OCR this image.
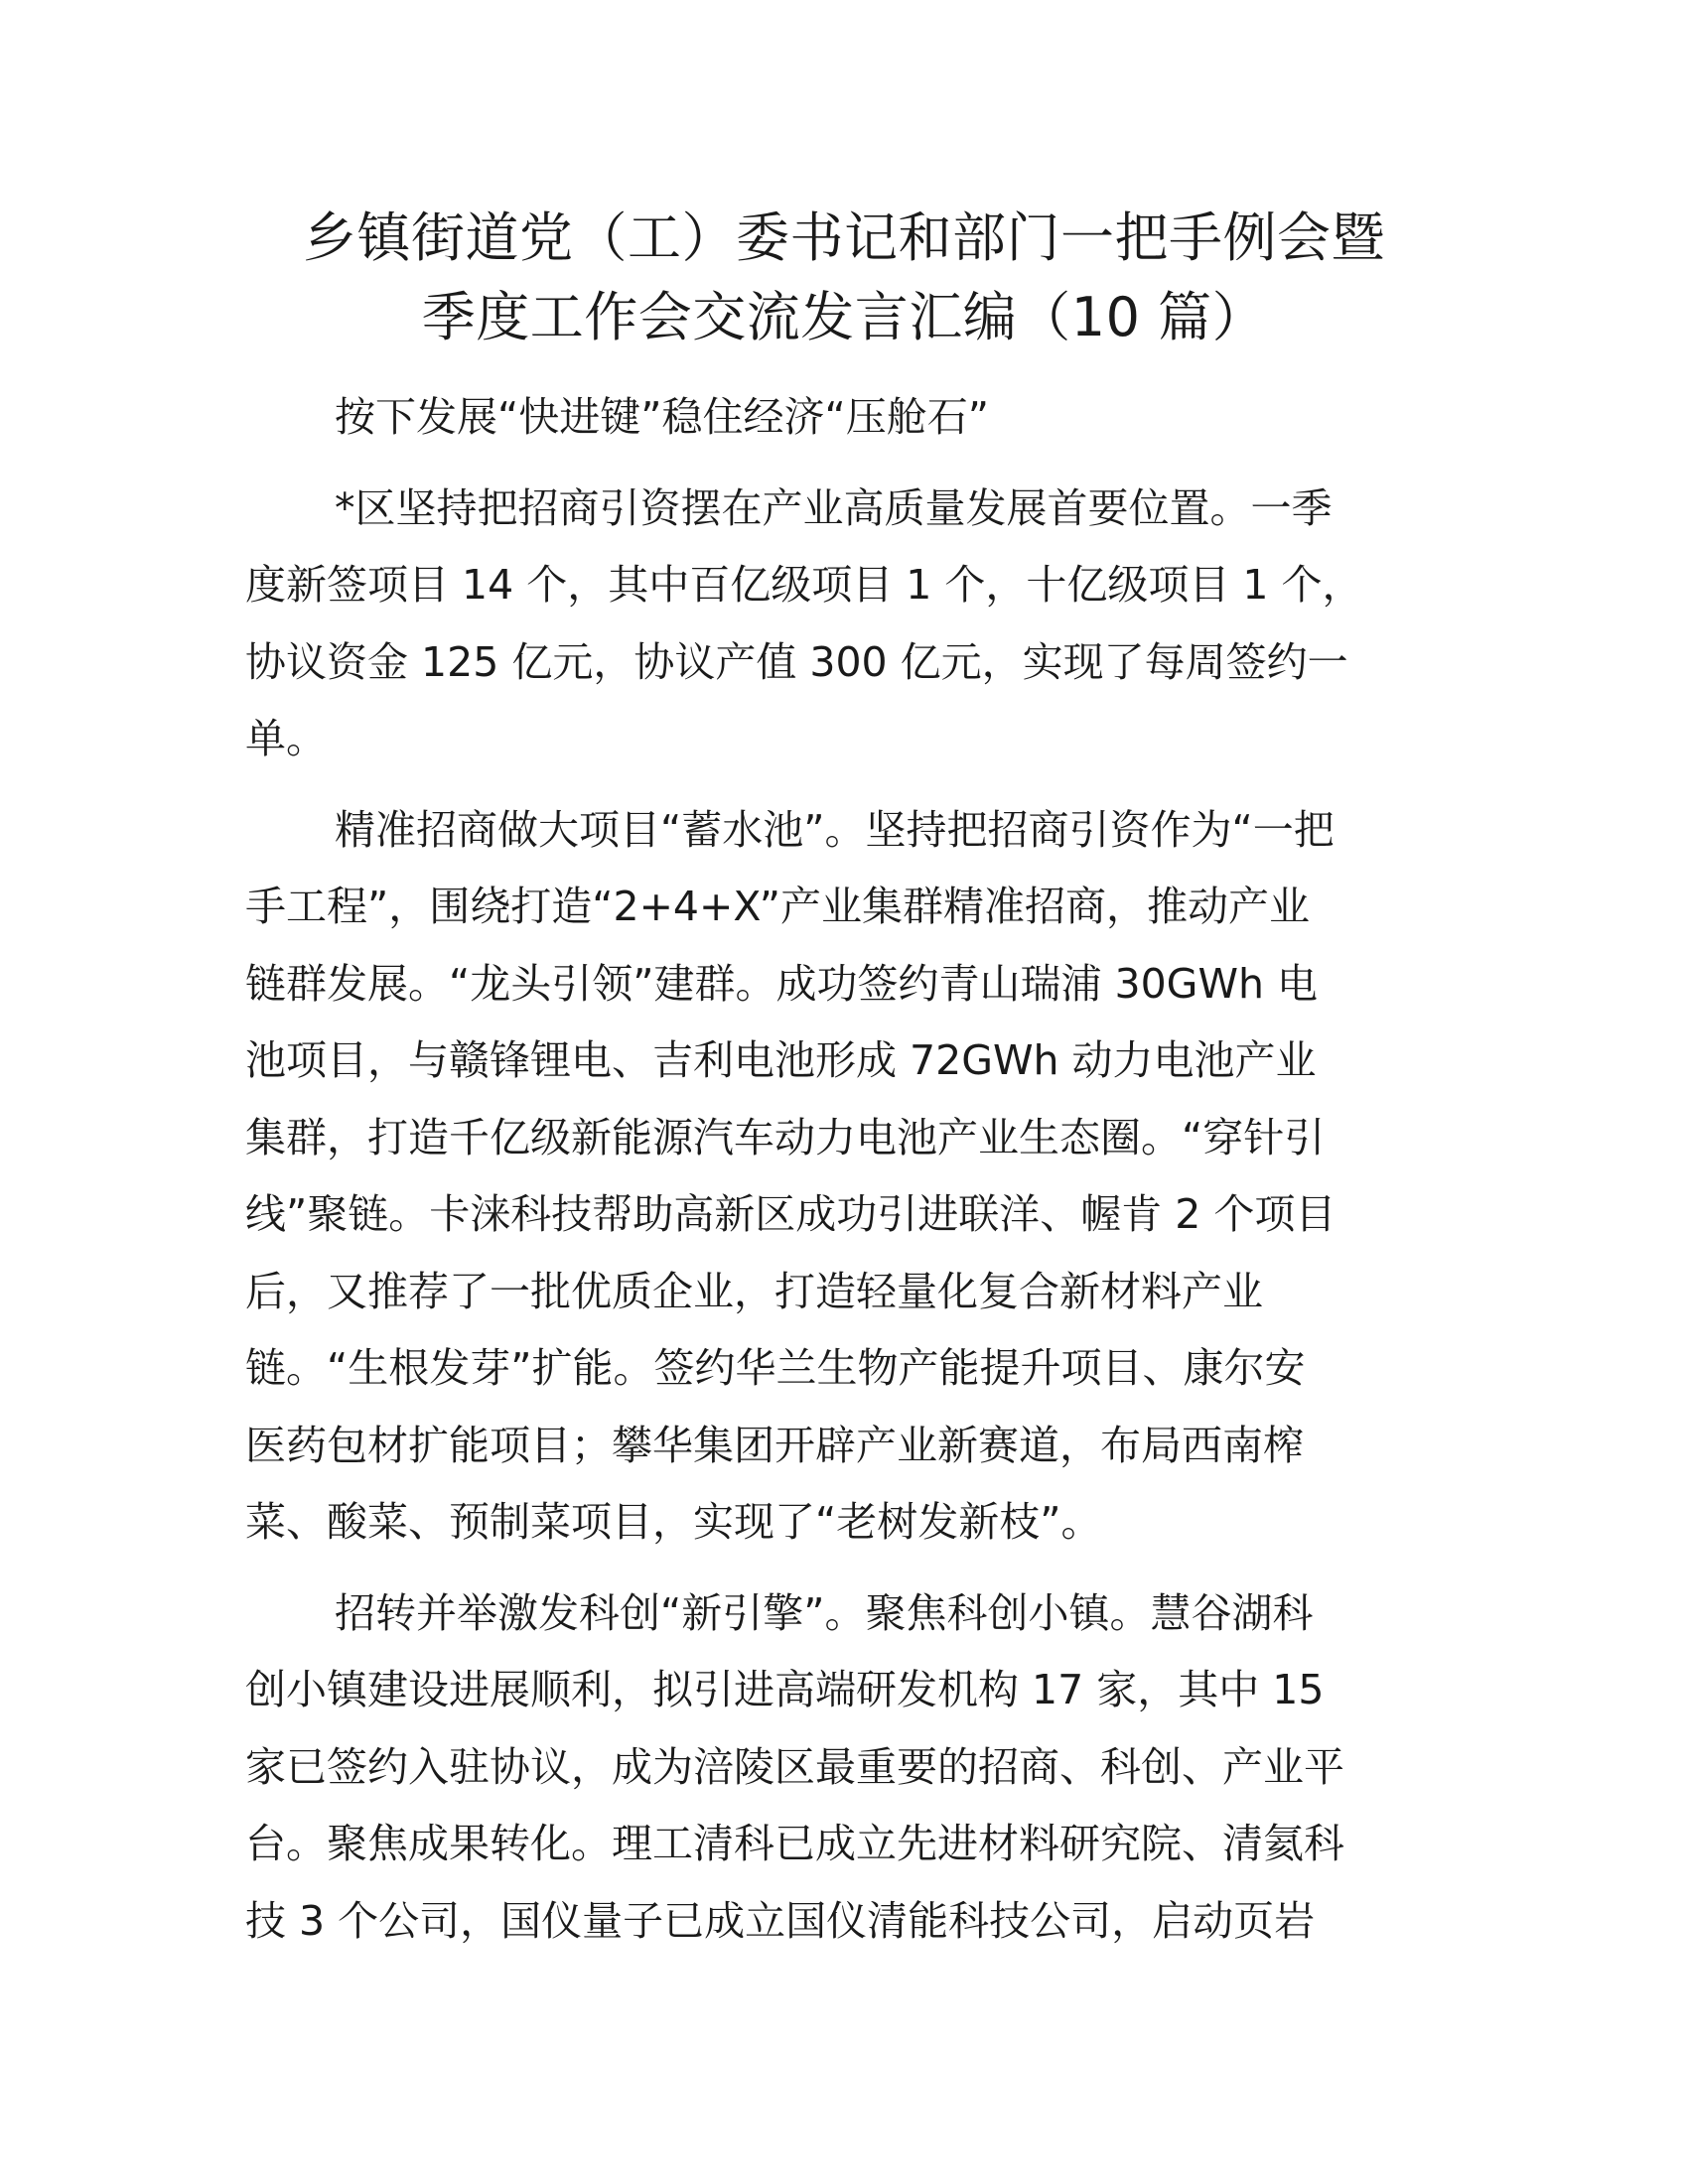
乡镇街道党（工）委书记和部门一把手例会暨
季度工作会交流发言汇编（10 篇）

按下发展“快进键”稳住经济“压舱石”

*区坚持把招商引资摆在产业高质量发展首要位置。一季
度新签项目 14 个，其中百亿级项目 1 个，十亿级项目 1 个，
协议资金 125 亿元，协议产值 300 亿元，实现了每周签约一
单。

精准招商做大项目“蓄水池”。坚持把招商引资作为“一把
手工程”，围绕打造“2+4+X”产业集群精准招商，推动产业
链群发展。“龙头引领”建群。成功签约青山瑞浦 30GWh 电
池项目，与赣锋锂电、吉利电池形成 72GWh 动力电池产业
集群，打造千亿级新能源汽车动力电池产业生态圈。“穿针引
线”聚链。卡涞科技帮助高新区成功引进联洋、幄肯 2 个项目
后，又推荐了一批优质企业，打造轻量化复合新材料产业
链。“生根发芽”扩能。签约华兰生物产能提升项目、康尔安
医药包材扩能项目；攀华集团开辟产业新赛道，布局西南榨
菜、酸菜、预制菜项目，实现了“老树发新枝”。

招转并举激发科创“新引擎”。聚焦科创小镇。慧谷湖科
创小镇建设进展顺利，拟引进高端研发机构 17 家，其中 15
家已签约入驻协议，成为涪陵区最重要的招商、科创、产业平
台。聚焦成果转化。理工清科已成立先进材料研究院、清氦科
技 3 个公司，国仪量子已成立国仪清能科技公司，启动页岩
